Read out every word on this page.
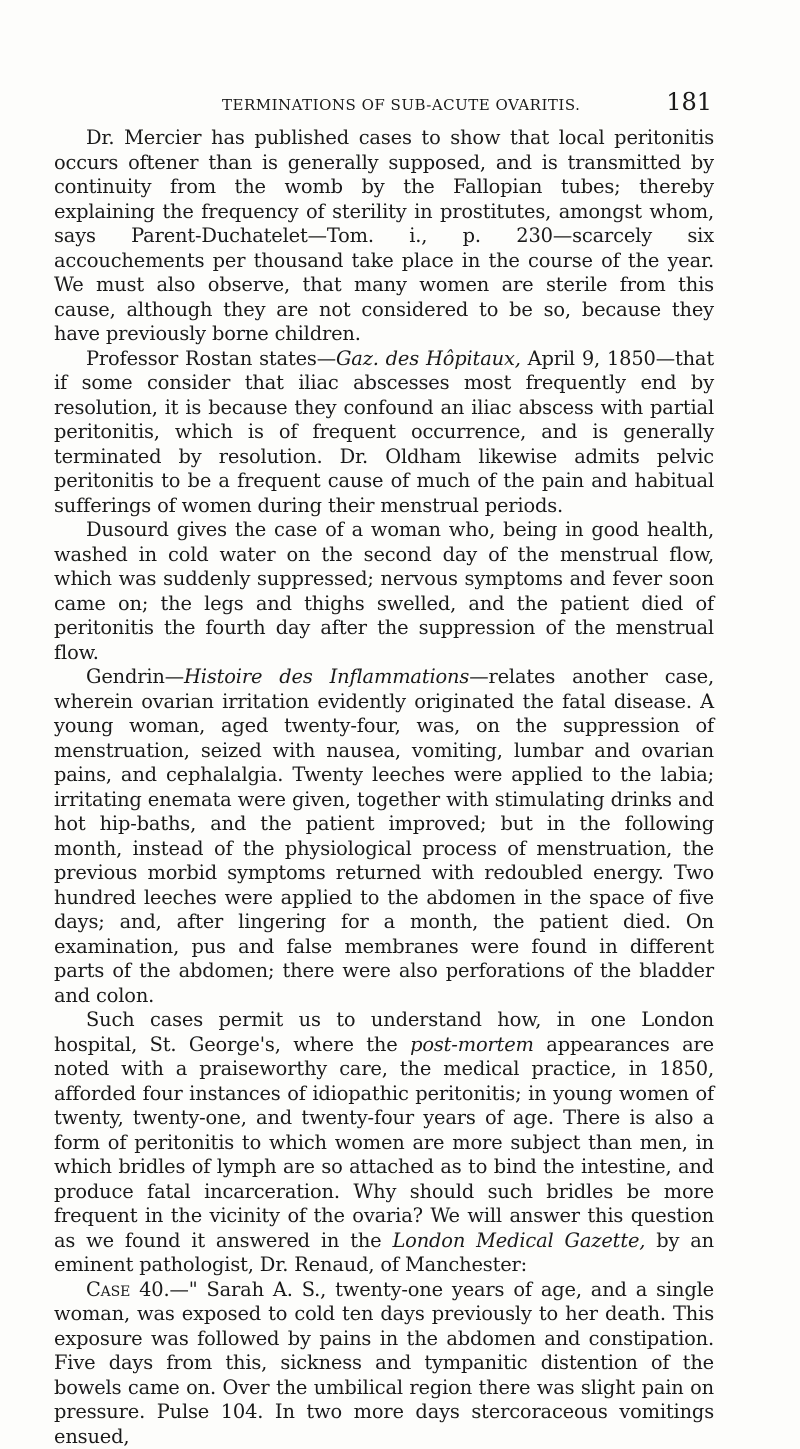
TERMINATIONS OF SUB-ACUTE OVARITIS.	181

Dr. Mercier has published cases to show that local peritonitis occurs oftener than is generally supposed, and is transmitted by continuity from the womb by the Fallopian tubes; thereby explaining the frequency of sterility in prostitutes, amongst whom, says Parent-Duchatelet—Tom. i., p. 230—scarcely six accouchements per thousand take place in the course of the year. We must also observe, that many women are sterile from this cause, although they are not considered to be so, because they have previously borne children.

Professor Rostan states—Gaz. des Hôpitaux, April 9, 1850—that if some consider that iliac abscesses most frequently end by resolution, it is because they confound an iliac abscess with partial peritonitis, which is of frequent occurrence, and is generally terminated by resolution. Dr. Oldham likewise admits pelvic peritonitis to be a frequent cause of much of the pain and habitual sufferings of women during their menstrual periods.

Dusourd gives the case of a woman who, being in good health, washed in cold water on the second day of the menstrual flow, which was suddenly suppressed; nervous symptoms and fever soon came on; the legs and thighs swelled, and the patient died of peritonitis the fourth day after the suppression of the menstrual flow.

Gendrin—Histoire des Inflammations—relates another case, wherein ovarian irritation evidently originated the fatal disease. A young woman, aged twenty-four, was, on the suppression of menstruation, seized with nausea, vomiting, lumbar and ovarian pains, and cephalalgia. Twenty leeches were applied to the labia; irritating enemata were given, together with stimulating drinks and hot hip-baths, and the patient improved; but in the following month, instead of the physiological process of menstruation, the previous morbid symptoms returned with redoubled energy. Two hundred leeches were applied to the abdomen in the space of five days; and, after lingering for a month, the patient died. On examination, pus and false membranes were found in different parts of the abdomen; there were also perforations of the bladder and colon.

Such cases permit us to understand how, in one London hospital, St. George's, where the post-mortem appearances are noted with a praiseworthy care, the medical practice, in 1850, afforded four instances of idiopathic peritonitis; in young women of twenty, twenty-one, and twenty-four years of age. There is also a form of peritonitis to which women are more subject than men, in which bridles of lymph are so attached as to bind the intestine, and produce fatal incarceration. Why should such bridles be more frequent in the vicinity of the ovaria? We will answer this question as we found it answered in the London Medical Gazette, by an eminent pathologist, Dr. Renaud, of Manchester:

Case 40.—" Sarah A. S., twenty-one years of age, and a single woman, was exposed to cold ten days previously to her death. This exposure was followed by pains in the abdomen and constipation. Five days from this, sickness and tympanitic distention of the bowels came on. Over the umbilical region there was slight pain on pressure. Pulse 104. In two more days stercoraceous vomitings ensued,
